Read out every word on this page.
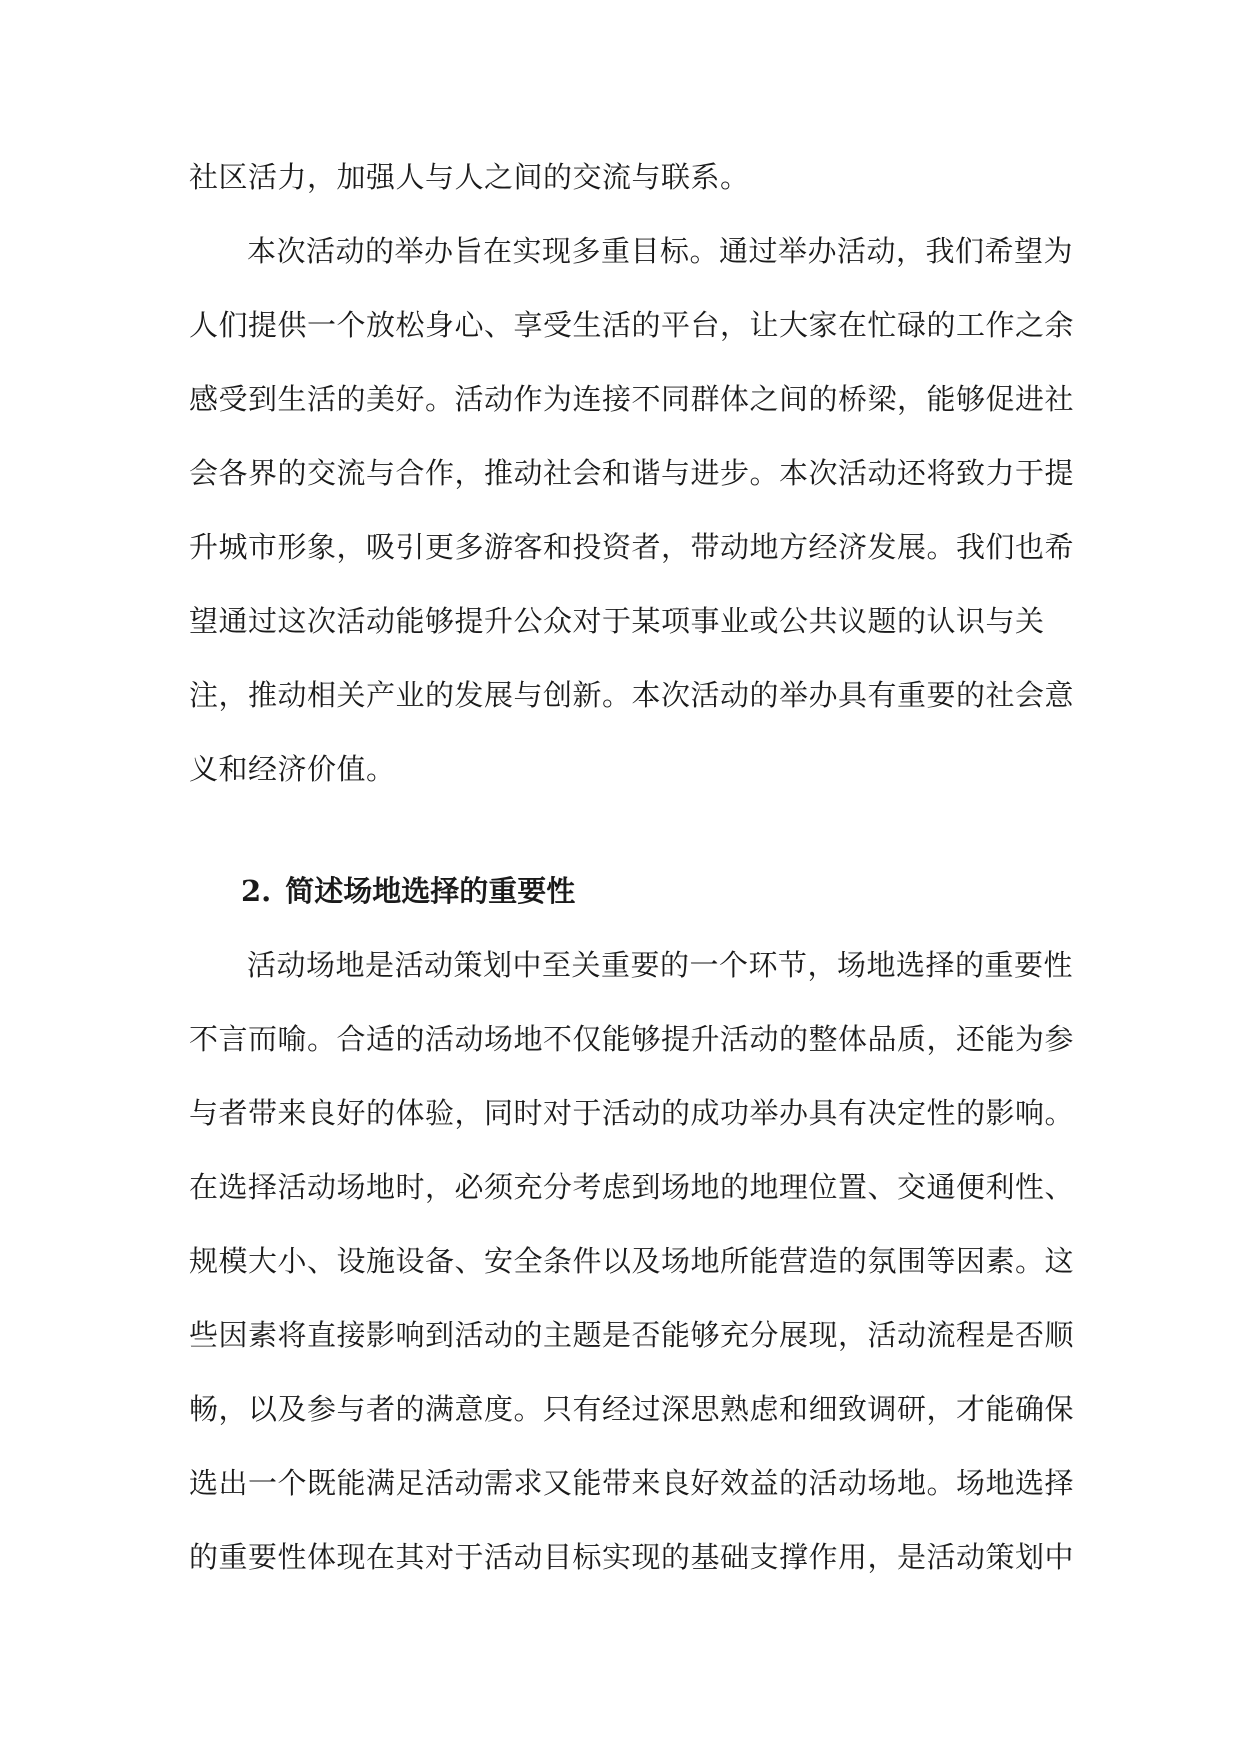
社区活力，加强人与人之间的交流与联系。
本次活动的举办旨在实现多重目标。通过举办活动，我们希望为
人们提供一个放松身心、享受生活的平台，让大家在忙碌的工作之余
感受到生活的美好。活动作为连接不同群体之间的桥梁，能够促进社
会各界的交流与合作，推动社会和谐与进步。本次活动还将致力于提
升城市形象，吸引更多游客和投资者，带动地方经济发展。我们也希
望通过这次活动能够提升公众对于某项事业或公共议题的认识与关
注，推动相关产业的发展与创新。本次活动的举办具有重要的社会意
义和经济价值。
2. 简述场地选择的重要性
活动场地是活动策划中至关重要的一个环节，场地选择的重要性
不言而喻。合适的活动场地不仅能够提升活动的整体品质，还能为参
与者带来良好的体验，同时对于活动的成功举办具有决定性的影响。
在选择活动场地时，必须充分考虑到场地的地理位置、交通便利性、
规模大小、设施设备、安全条件以及场地所能营造的氛围等因素。这
些因素将直接影响到活动的主题是否能够充分展现，活动流程是否顺
畅，以及参与者的满意度。只有经过深思熟虑和细致调研，才能确保
选出一个既能满足活动需求又能带来良好效益的活动场地。场地选择
的重要性体现在其对于活动目标实现的基础支撑作用，是活动策划中
